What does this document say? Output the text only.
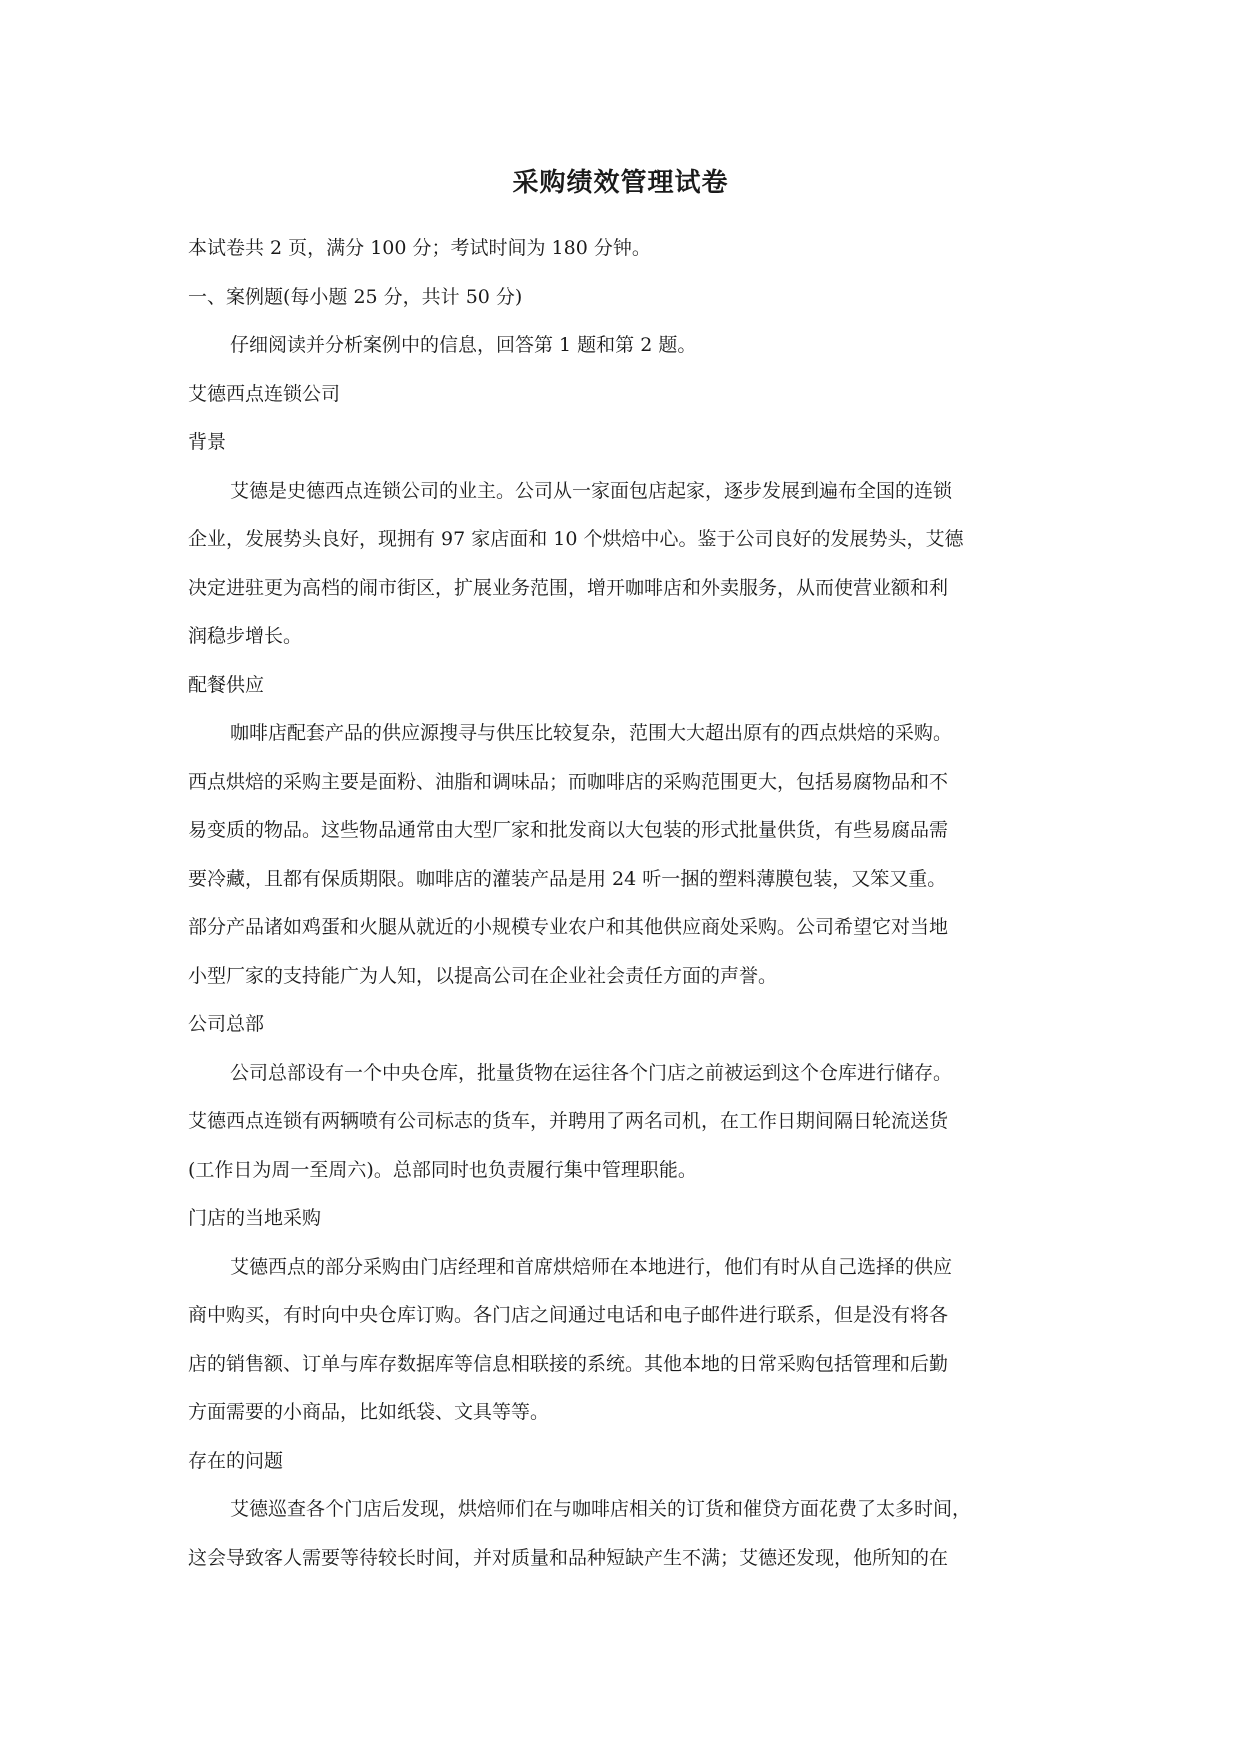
采购绩效管理试卷
本试卷共 2 页，满分 100 分；考试时间为 180 分钟。
一、案例题(每小题 25 分，共计 50 分)
仔细阅读并分析案例中的信息，回答第 1 题和第 2 题。
艾德西点连锁公司
背景
艾德是史德西点连锁公司的业主。公司从一家面包店起家，逐步发展到遍布全国的连锁
企业，发展势头良好，现拥有 97 家店面和 10 个烘焙中心。鉴于公司良好的发展势头，艾德
决定进驻更为高档的闹市街区，扩展业务范围，增开咖啡店和外卖服务，从而使营业额和利
润稳步增长。
配餐供应
咖啡店配套产品的供应源搜寻与供压比较复杂，范围大大超出原有的西点烘焙的采购。
西点烘焙的采购主要是面粉、油脂和调味品；而咖啡店的采购范围更大，包括易腐物品和不
易变质的物品。这些物品通常由大型厂家和批发商以大包装的形式批量供货，有些易腐品需
要冷藏，且都有保质期限。咖啡店的灌装产品是用 24 听一捆的塑料薄膜包装，又笨又重。
部分产品诸如鸡蛋和火腿从就近的小规模专业农户和其他供应商处采购。公司希望它对当地
小型厂家的支持能广为人知，以提高公司在企业社会责任方面的声誉。
公司总部
公司总部设有一个中央仓库，批量货物在运往各个门店之前被运到这个仓库进行储存。
艾德西点连锁有两辆喷有公司标志的货车，并聘用了两名司机，在工作日期间隔日轮流送货
(工作日为周一至周六)。总部同时也负责履行集中管理职能。
门店的当地采购
艾德西点的部分采购由门店经理和首席烘焙师在本地进行，他们有时从自己选择的供应
商中购买，有时向中央仓库订购。各门店之间通过电话和电子邮件进行联系，但是没有将各
店的销售额、订单与库存数据库等信息相联接的系统。其他本地的日常采购包括管理和后勤
方面需要的小商品，比如纸袋、文具等等。
存在的问题
艾德巡查各个门店后发现，烘焙师们在与咖啡店相关的订货和催贷方面花费了太多时间，
这会导致客人需要等待较长时间，并对质量和品种短缺产生不满；艾德还发现，他所知的在
